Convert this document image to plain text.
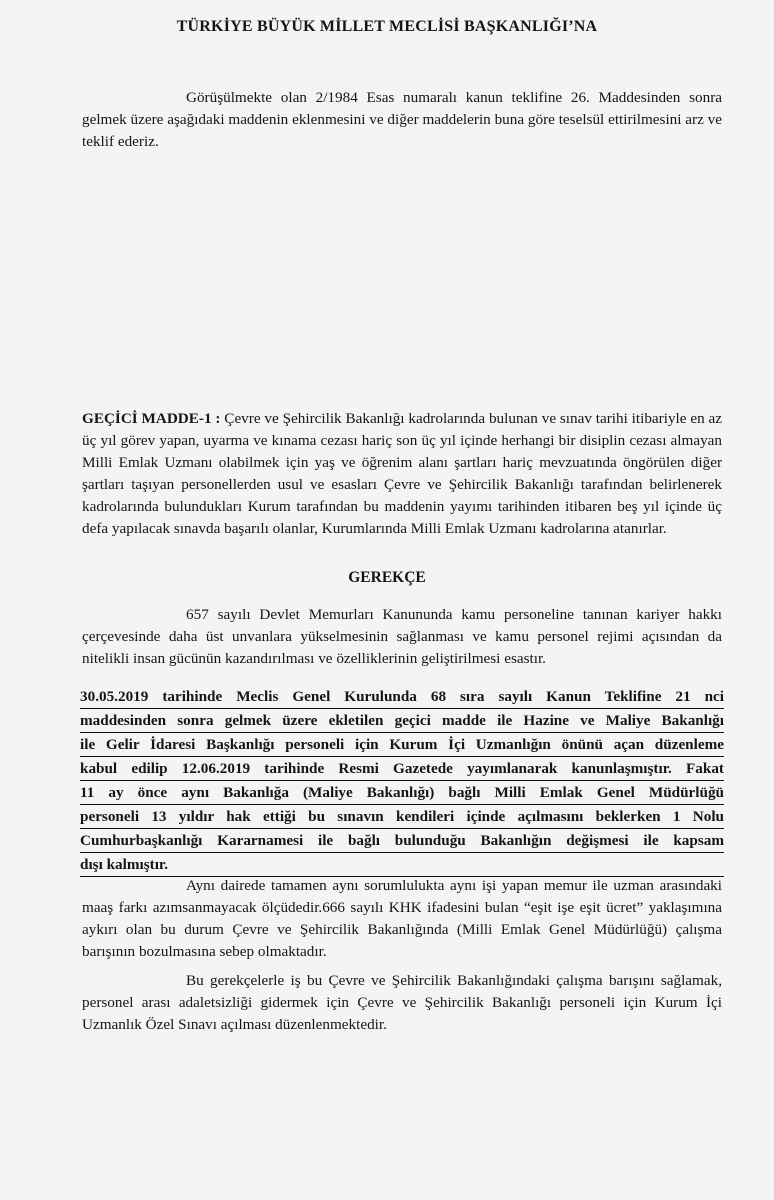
TÜRKİYE BÜYÜK MİLLET MECLİSİ BAŞKANLIĞI’NA

Görüşülmekte olan 2/1984 Esas numaralı kanun teklifine 26. Maddesinden sonra gelmek üzere aşağıdaki maddenin eklenmesini ve diğer maddelerin buna göre teselsül ettirilmesini arz ve teklif ederiz.

GEÇİCİ MADDE-1 : Çevre ve Şehircilik Bakanlığı kadrolarında bulunan ve sınav tarihi itibariyle en az üç yıl görev yapan, uyarma ve kınama cezası hariç son üç yıl içinde herhangi bir disiplin cezası almayan Milli Emlak Uzmanı olabilmek için yaş ve öğrenim alanı şartları hariç mevzuatında öngörülen diğer şartları taşıyan personellerden usul ve esasları Çevre ve Şehircilik Bakanlığı tarafından belirlenerek kadrolarında bulundukları Kurum tarafından bu maddenin yayımı tarihinden itibaren beş yıl içinde üç defa yapılacak sınavda başarılı olanlar, Kurumlarında Milli Emlak Uzmanı kadrolarına atanırlar.

GEREKÇE

657 sayılı Devlet Memurları Kanununda kamu personeline tanınan kariyer hakkı çerçevesinde daha üst unvanlara yükselmesinin sağlanması ve kamu personel rejimi açısından da nitelikli insan gücünün kazandırılması ve özelliklerinin geliştirilmesi esastır.

30.05.2019 tarihinde Meclis Genel Kurulunda 68 sıra sayılı Kanun Teklifine 21 nci
maddesinden sonra gelmek üzere ekletilen geçici madde ile Hazine ve Maliye Bakanlığı
ile Gelir İdaresi Başkanlığı personeli için Kurum İçi Uzmanlığın önünü açan düzenleme
kabul edilip 12.06.2019 tarihinde Resmi Gazetede yayımlanarak kanunlaşmıştır. Fakat
11 ay önce aynı Bakanlığa (Maliye Bakanlığı) bağlı Milli Emlak Genel Müdürlüğü
personeli 13 yıldır hak ettiği bu sınavın kendileri içinde açılmasını beklerken 1 Nolu
Cumhurbaşkanlığı Kararnamesi ile bağlı bulunduğu Bakanlığın değişmesi ile kapsam
dışı kalmıştır.

Aynı dairede tamamen aynı sorumlulukta aynı işi yapan memur ile uzman arasındaki maaş farkı azımsanmayacak ölçüdedir.666 sayılı KHK ifadesini bulan “eşit işe eşit ücret” yaklaşımına aykırı olan bu durum Çevre ve Şehircilik Bakanlığında (Milli Emlak Genel Müdürlüğü) çalışma barışının bozulmasına sebep olmaktadır.

Bu gerekçelerle iş bu Çevre ve Şehircilik Bakanlığındaki çalışma barışını sağlamak, personel arası adaletsizliği gidermek için Çevre ve Şehircilik Bakanlığı personeli için Kurum İçi Uzmanlık Özel Sınavı açılması düzenlenmektedir.
